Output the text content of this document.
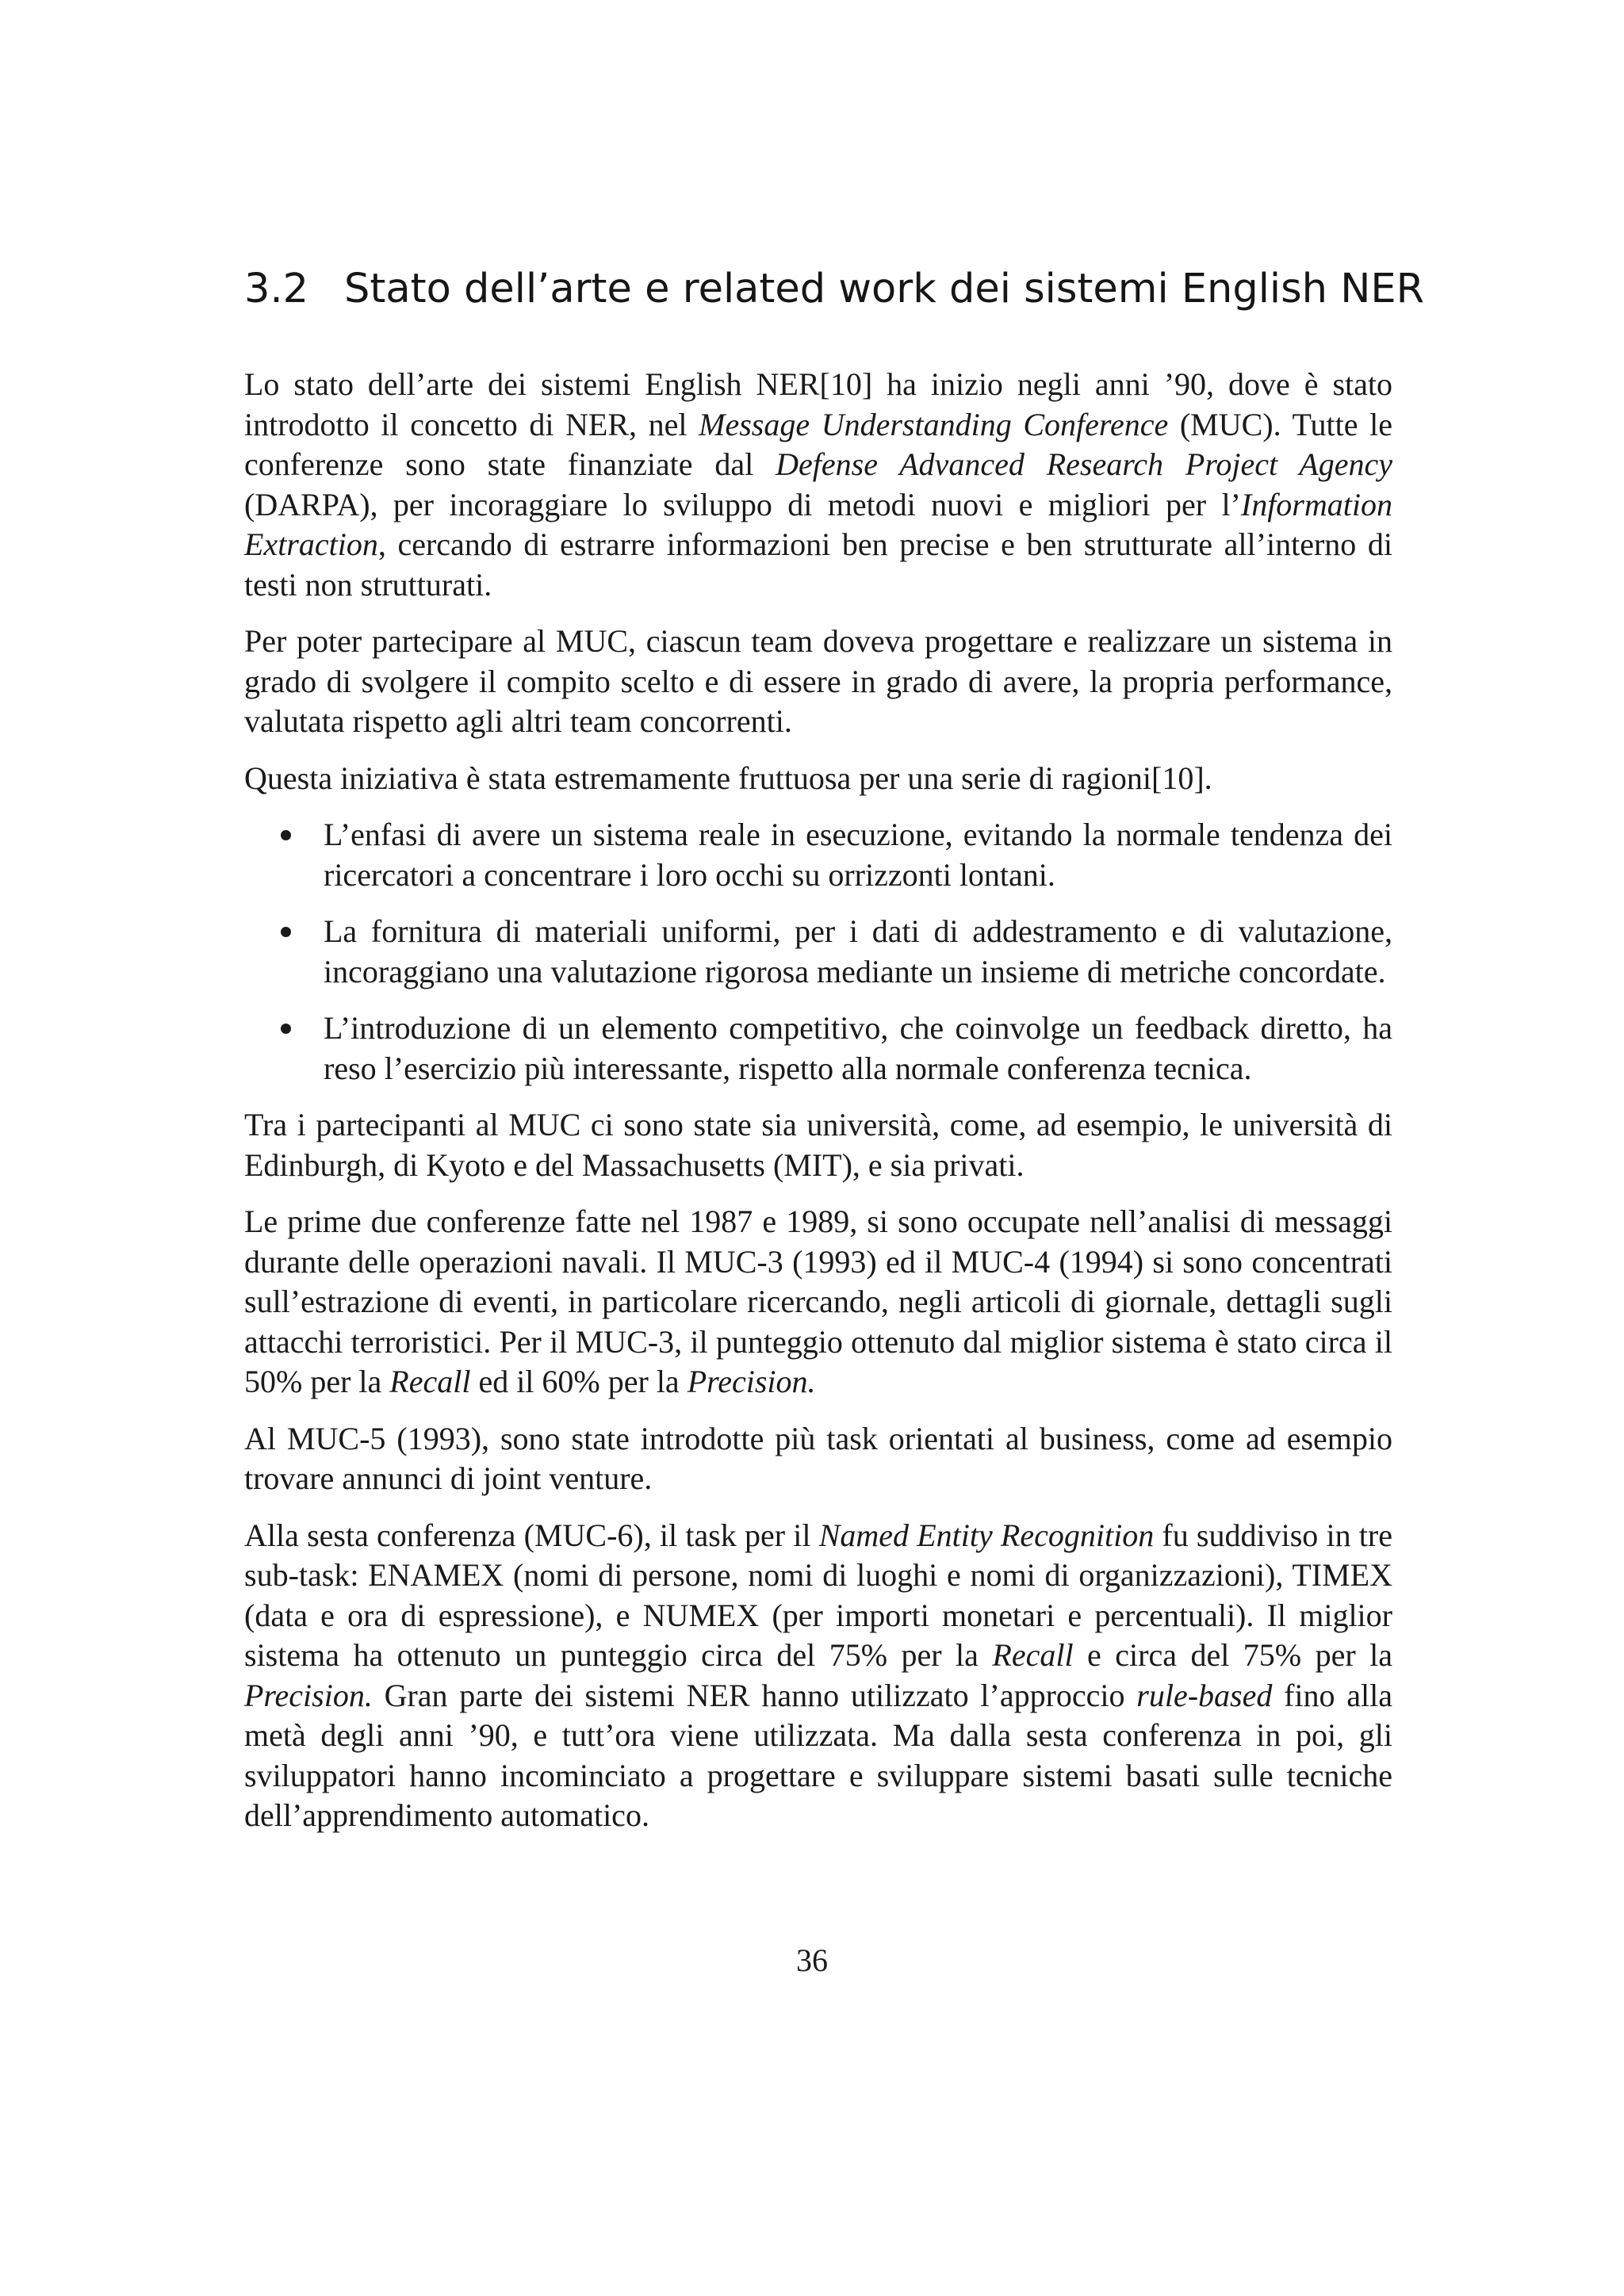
3.2 Stato dell’arte e related work dei sistemi English NER

Lo stato dell’arte dei sistemi English NER[10] ha inizio negli anni ’90, dove è stato introdotto il concetto di NER, nel Message Understanding Conference (MUC). Tutte le conferenze sono state finanziate dal Defense Advanced Research Project Agency (DARPA), per incoraggiare lo sviluppo di metodi nuovi e migliori per l’Information Extraction, cercando di estrarre informazioni ben precise e ben strutturate all’interno di testi non strutturati.

Per poter partecipare al MUC, ciascun team doveva progettare e realizzare un sistema in grado di svolgere il compito scelto e di essere in grado di avere, la propria performance, valutata rispetto agli altri team concorrenti.

Questa iniziativa è stata estremamente fruttuosa per una serie di ragioni[10].

L’enfasi di avere un sistema reale in esecuzione, evitando la normale tendenza dei ricercatori a concentrare i loro occhi su orrizzonti lontani.
La fornitura di materiali uniformi, per i dati di addestramento e di valutazione, incoraggiano una valutazione rigorosa mediante un insieme di metriche concordate.
L’introduzione di un elemento competitivo, che coinvolge un feedback diretto, ha reso l’esercizio più interessante, rispetto alla normale conferenza tecnica.

Tra i partecipanti al MUC ci sono state sia università, come, ad esempio, le università di Edinburgh, di Kyoto e del Massachusetts (MIT), e sia privati.

Le prime due conferenze fatte nel 1987 e 1989, si sono occupate nell’analisi di messaggi durante delle operazioni navali. Il MUC-3 (1993) ed il MUC-4 (1994) si sono concentrati sull’estrazione di eventi, in particolare ricercando, negli articoli di giornale, dettagli sugli attacchi terroristici. Per il MUC-3, il punteggio ottenuto dal miglior sistema è stato circa il 50% per la Recall ed il 60% per la Precision.

Al MUC-5 (1993), sono state introdotte più task orientati al business, come ad esempio trovare annunci di joint venture.

Alla sesta conferenza (MUC-6), il task per il Named Entity Recognition fu suddiviso in tre sub-task: ENAMEX (nomi di persone, nomi di luoghi e nomi di organizzazioni), TIMEX (data e ora di espressione), e NUMEX (per importi monetari e percentuali). Il miglior sistema ha ottenuto un punteggio circa del 75% per la Recall e circa del 75% per la Precision. Gran parte dei sistemi NER hanno utilizzato l’approccio rule-based fino alla metà degli anni ’90, e tutt’ora viene utilizzata. Ma dalla sesta conferenza in poi, gli sviluppatori hanno incominciato a progettare e sviluppare sistemi basati sulle tecniche dell’apprendimento automatico.

36
